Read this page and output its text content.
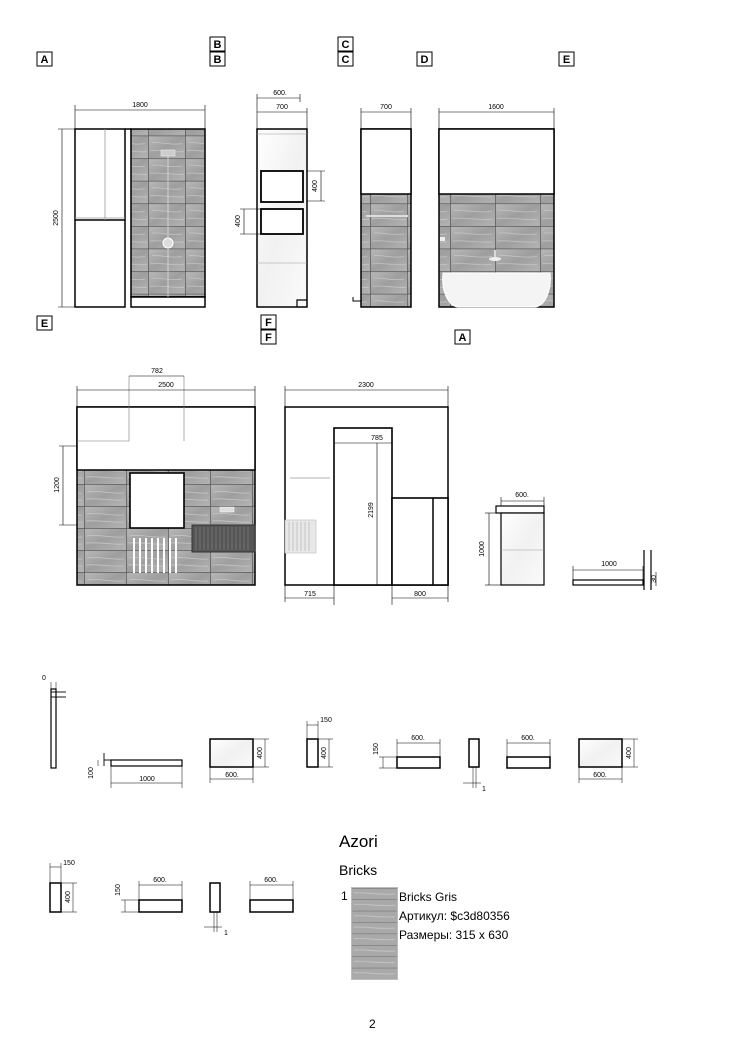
A
B
B
C
C	D	E
E	F
F	A
1800
2500
600.
700
400
400
700	1600
782
2500
1200
2300
785
2199
715	800
600.
1000
1000
30
0
100
1000
600.
400
150
400	150
600.
1
600.
400
600.
150
400
150
600.
1
600.
Azori
Bricks
1	Bricks Gris
Артикул: $c3d80356
Размеры: 315 x 630
2
